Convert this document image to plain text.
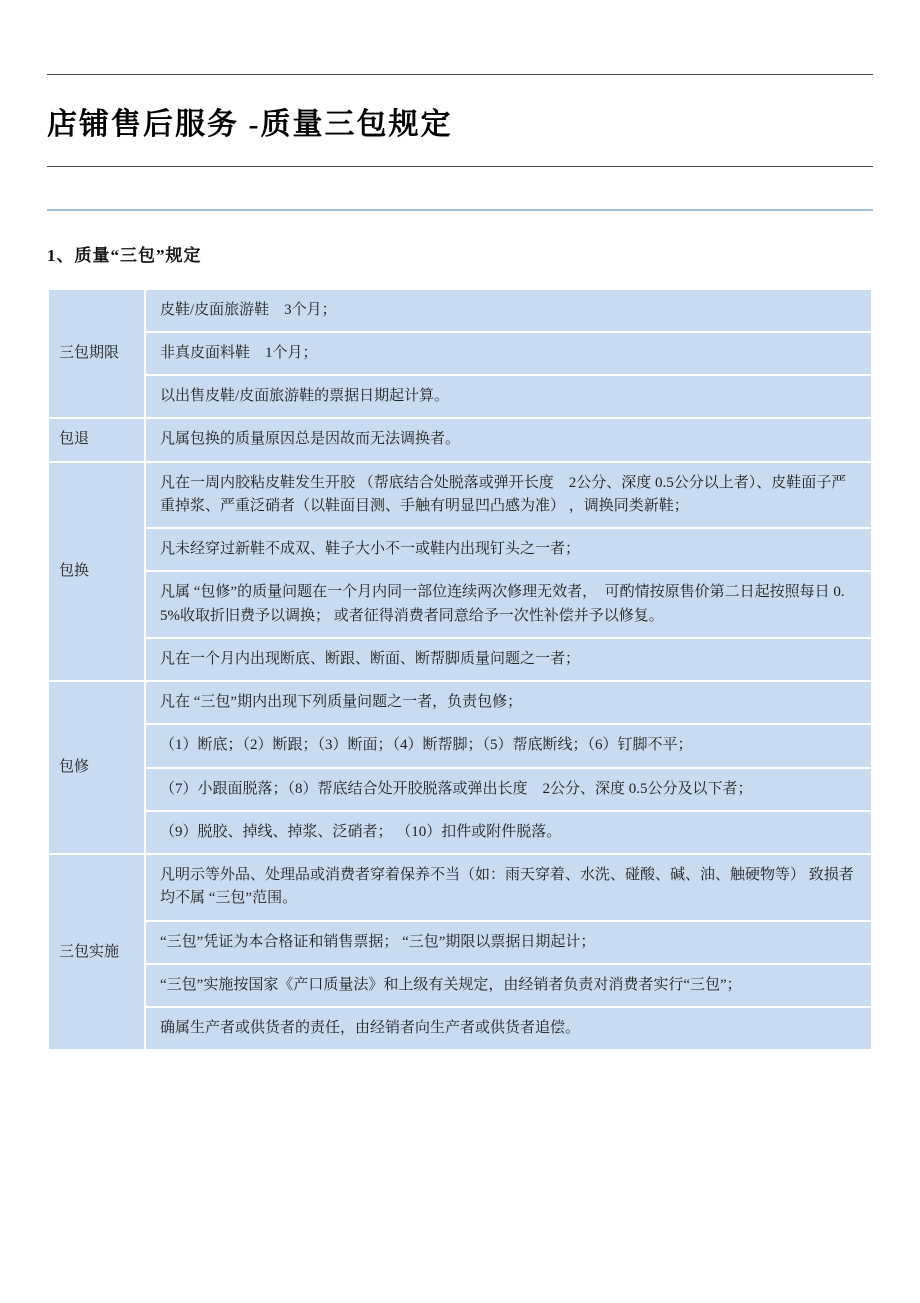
店铺售后服务 -质量三包规定
1、质量“三包”规定
三包期限	皮鞋/皮面旅游鞋　3个月；
	非真皮面料鞋　1个月；
	以出售皮鞋/皮面旅游鞋的票据日期起计算。
包退	凡属包换的质量原因总是因故而无法调换者。
包换	凡在一周内胶粘皮鞋发生开胶 （帮底结合处脱落或弹开长度　2公分、深度 0.5公分以上者）、皮鞋面子严重掉浆、严重泛硝者（以鞋面目测、手触有明显凹凸感为准） ，调换同类新鞋；
	凡未经穿过新鞋不成双、鞋子大小不一或鞋内出现钉头之一者；
	凡属 “包修”的质量问题在一个月内同一部位连续两次修理无效者，　可酌情按原售价第二日起按照每日 0.5%收取折旧费予以调换； 或者征得消费者同意给予一次性补偿并予以修复。
	凡在一个月内出现断底、断跟、断面、断帮脚质量问题之一者；
包修	凡在 “三包”期内出现下列质量问题之一者，负责包修；
	（1）断底；（2）断跟；（3）断面；（4）断帮脚；（5）帮底断线；（6）钉脚不平；
	（7）小跟面脱落；（8）帮底结合处开胶脱落或弹出长度　2公分、深度 0.5公分及以下者；
	（9）脱胶、掉线、掉浆、泛硝者； （10）扣件或附件脱落。
三包实施	凡明示等外品、处理品或消费者穿着保养不当（如：雨天穿着、水洗、碰酸、碱、油、触硬物等） 致损者均不属 “三包”范围。
	“三包”凭证为本合格证和销售票据； “三包”期限以票据日期起计；
	“三包”实施按国家《产口质量法》和上级有关规定，由经销者负责对消费者实行“三包”；
	确属生产者或供货者的责任，由经销者向生产者或供货者追偿。
